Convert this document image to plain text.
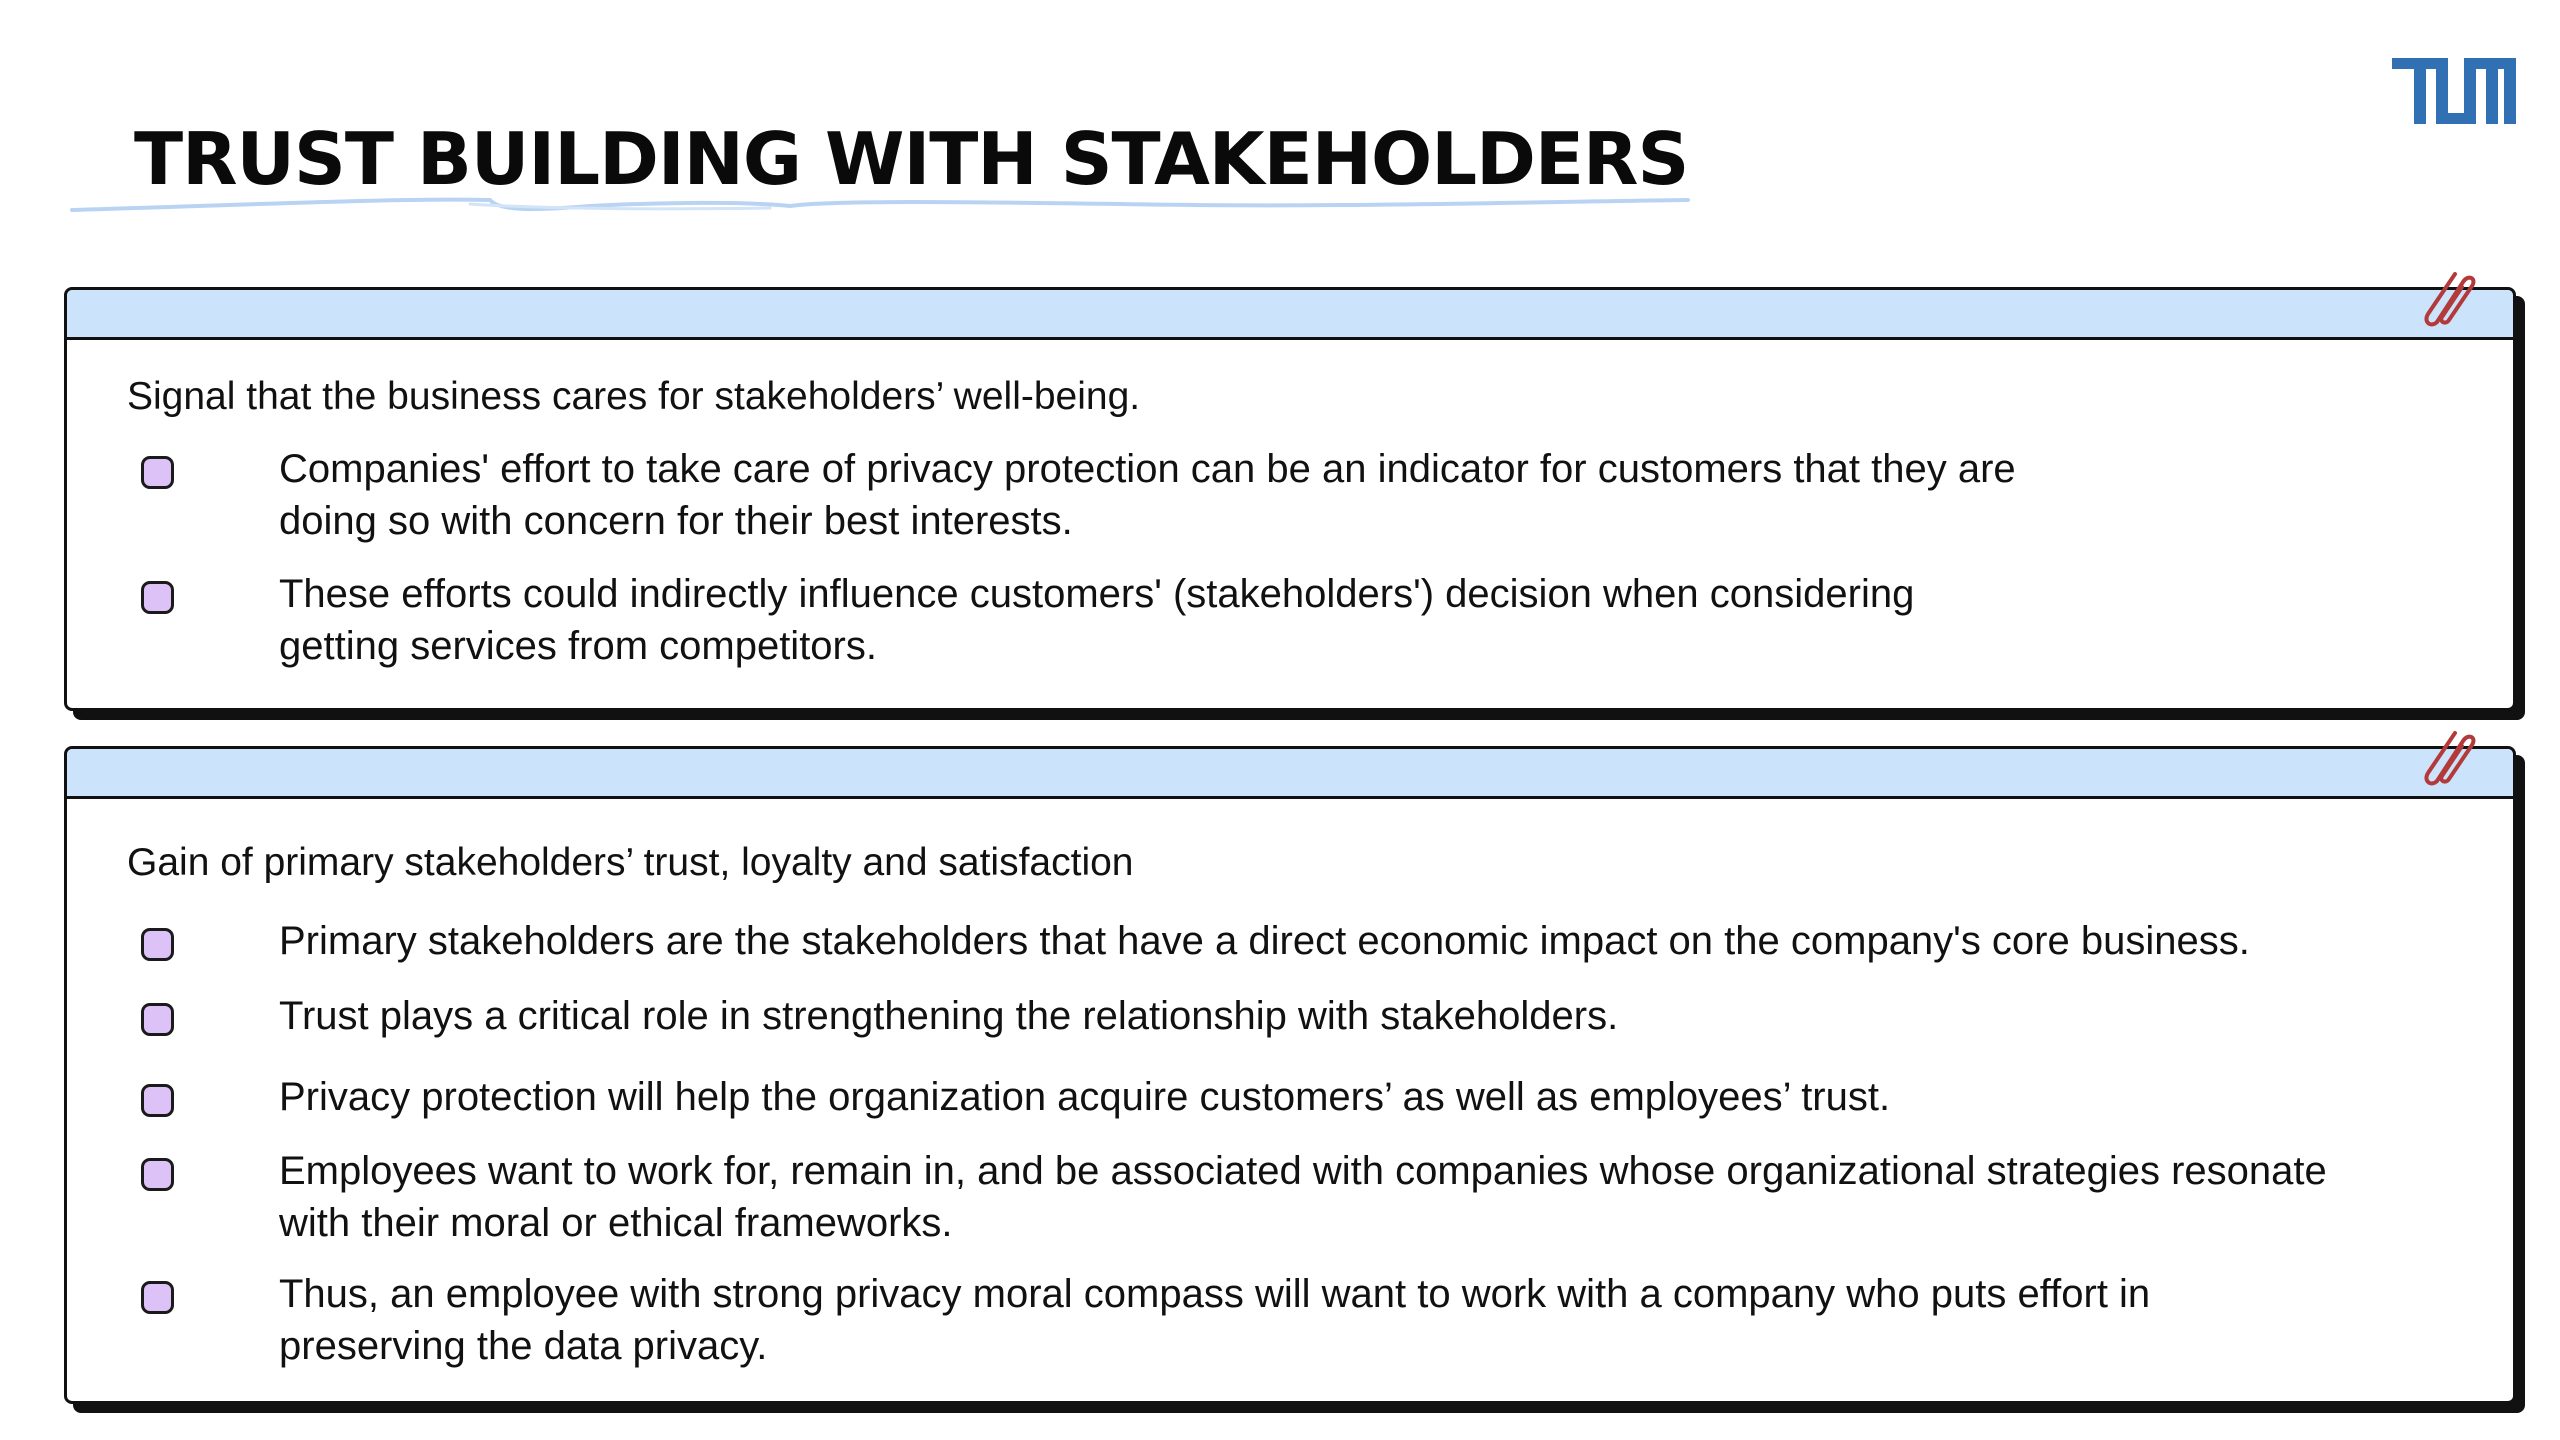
TRUST BUILDING WITH STAKEHOLDERS
Signal that the business cares for stakeholders’ well-being.
Companies' effort to take care of privacy protection can be an indicator for customers that they are
doing so with concern for their best interests.
These efforts could indirectly influence customers' (stakeholders') decision when considering
getting services from competitors.
Gain of primary stakeholders’ trust, loyalty and satisfaction
Primary stakeholders are the stakeholders that have a direct economic impact on the company's core business.
Trust plays a critical role in strengthening the relationship with stakeholders.
Privacy protection will help the organization acquire customers’ as well as employees’ trust.
Employees want to work for, remain in, and be associated with companies whose organizational strategies resonate
with their moral or ethical frameworks.
Thus, an employee with strong privacy moral compass will want to work with a company who puts effort in
preserving the data privacy.
